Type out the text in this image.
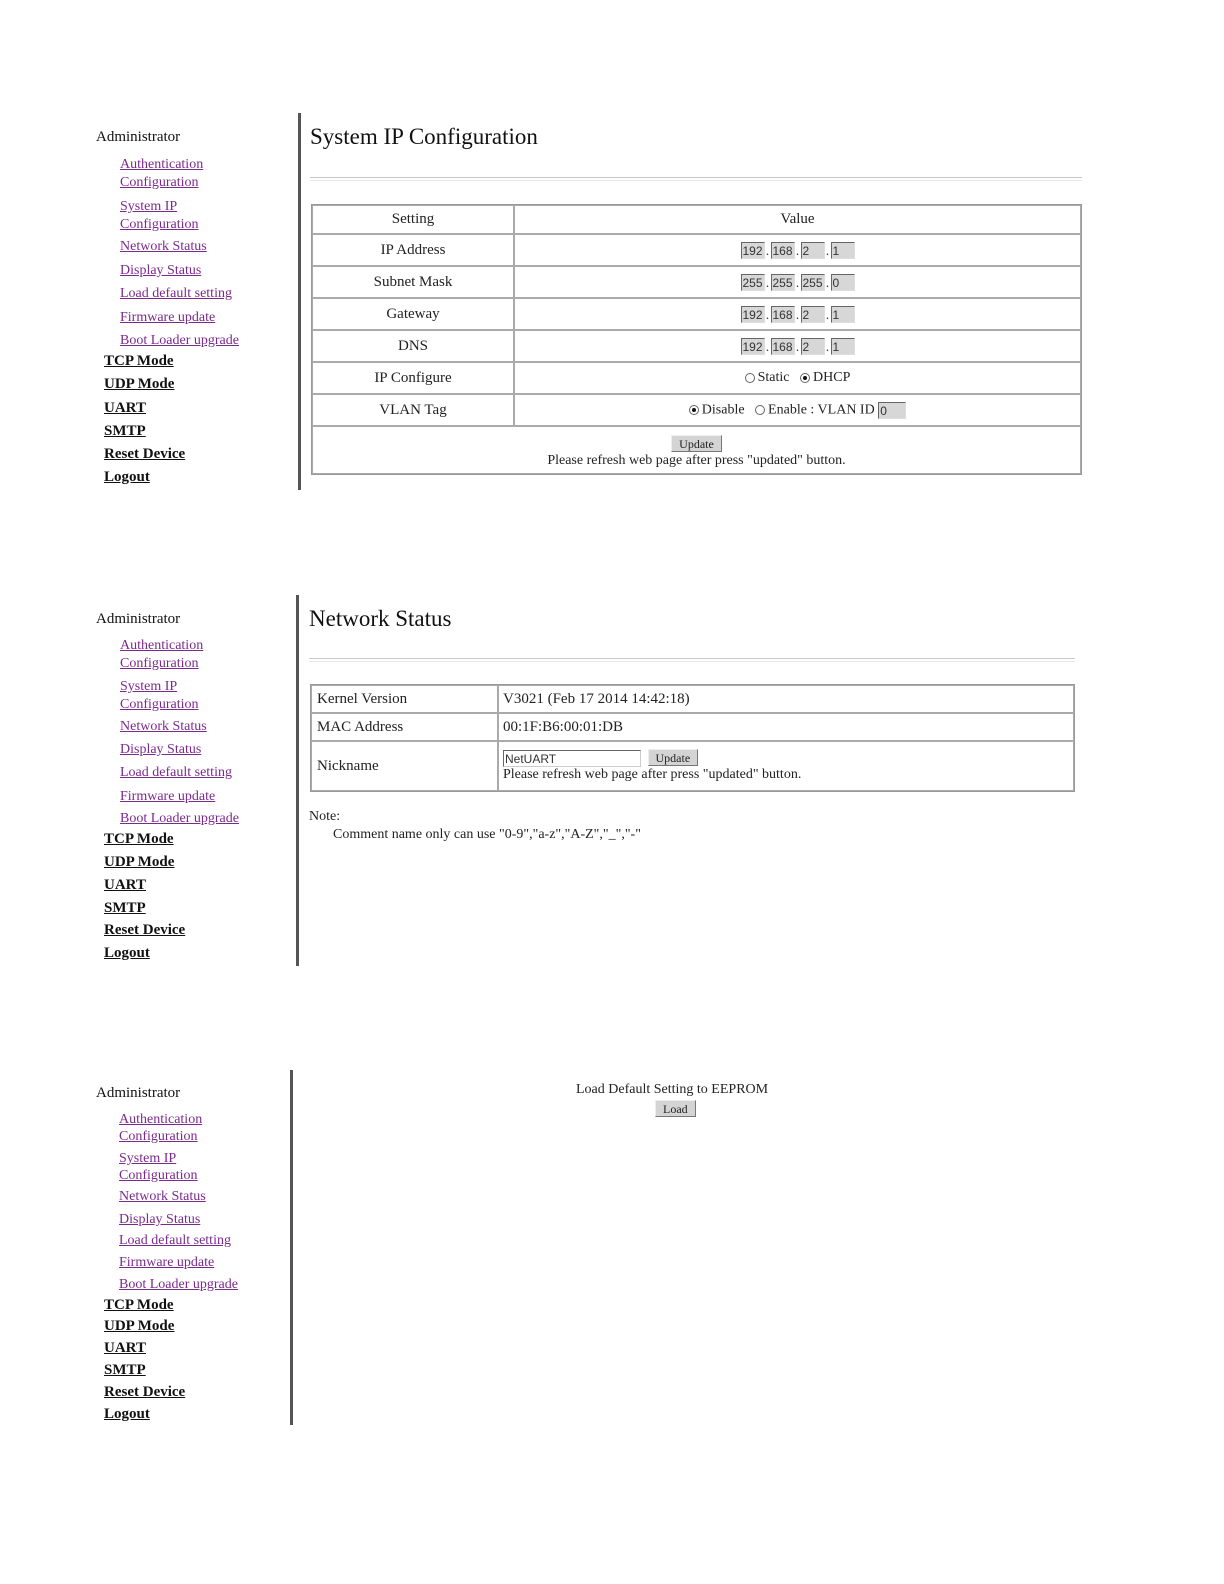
Administrator
Authentication
Configuration
System IP
Configuration
Network Status
Display Status
Load default setting
Firmware update
Boot Loader upgrade
TCP Mode
UDP Mode
UART
SMTP
Reset Device
Logout
System IP Configuration
Setting	Value
IP Address	192 . 168 . 2 . 1
Subnet Mask	255 . 255 . 255 . 0
Gateway	192 . 168 . 2 . 1
DNS	192 . 168 . 2 . 1
IP Configure	Static DHCP
VLAN Tag	Disable Enable : VLAN ID 0

Update
Please refresh web page after press "updated" button.	
Administrator
Authentication
Configuration
System IP
Configuration
Network Status
Display Status
Load default setting
Firmware update
Boot Loader upgrade
TCP Mode
UDP Mode
UART
SMTP
Reset Device
Logout
Network Status
Kernel Version	V3021 (Feb 17 2014 14:42:18)
MAC Address	00:1F:B6:00:01:DB
Nickname	NetUART Update
Please refresh web page after press "updated" button.
Note:
Comment name only can use "0-9","a-z","A-Z","_","-"
Administrator
Authentication
Configuration
System IP
Configuration
Network Status
Display Status
Load default setting
Firmware update
Boot Loader upgrade
TCP Mode
UDP Mode
UART
SMTP
Reset Device
Logout
Load Default Setting to EEPROM
Load
